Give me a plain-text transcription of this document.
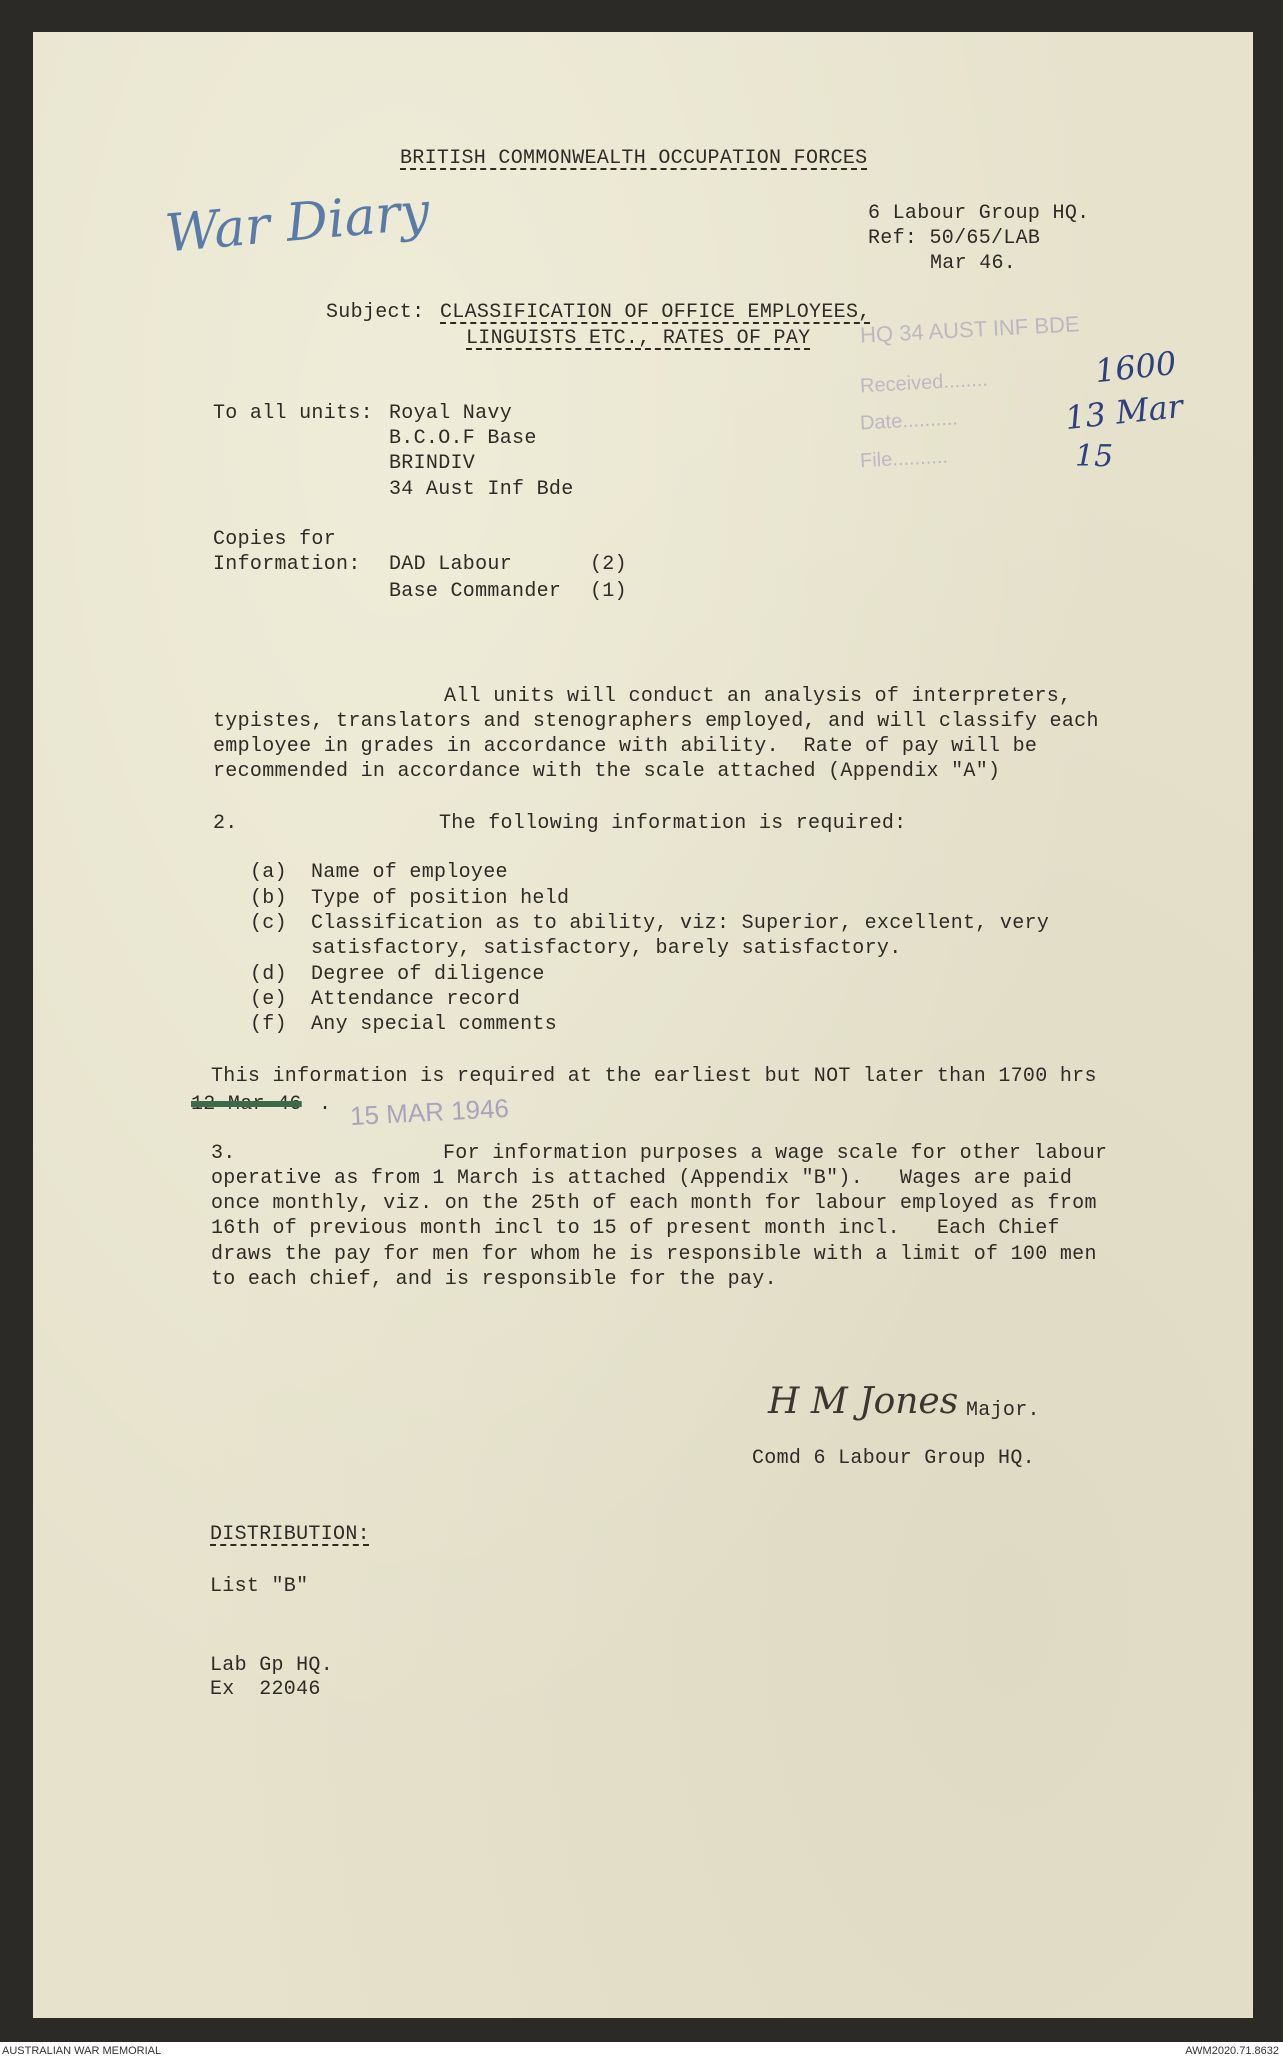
BRITISH COMMONWEALTH OCCUPATION FORCES
War Diary	6 Labour Group HQ.
Ref: 50/65/LAB
Mar 46.
Subject: CLASSIFICATION OF OFFICE EMPLOYEES,
LINGUISTS ETC., RATES OF PAY HQ 34 AUST INF BDE
Received........
Date..........
File..........
1600
13 Mar
15
To all units: Royal Navy
B.C.O.F Base
BRINDIV
34 Aust Inf Bde
Copies for
Information: DAD Labour	(2)
Base Commander (1)
All units will conduct an analysis of interpreters,
typistes, translators and stenographers employed, and will classify each
employee in grades in accordance with ability.  Rate of pay will be
recommended in accordance with the scale attached (Appendix "A")
2.	The following information is required:
(a) Name of employee
(b) Type of position held
(c) Classification as to ability, viz: Superior, excellent, very
satisfactory, satisfactory, barely satisfactory.
(d) Degree of diligence
(e) Attendance record
(f) Any special comments
This information is required at the earliest but NOT later than 1700 hrs
12 Mar 46 . 15 MAR 1946
3.	For information purposes a wage scale for other labour
operative as from 1 March is attached (Appendix "B").   Wages are paid
once monthly, viz. on the 25th of each month for labour employed as from
16th of previous month incl to 15 of present month incl.   Each Chief
draws the pay for men for whom he is responsible with a limit of 100 men
to each chief, and is responsible for the pay.
H M Jones Major.
Comd 6 Labour Group HQ.
DISTRIBUTION:
List "B"
Lab Gp HQ.
Ex  22046
AUSTRALIAN WAR MEMORIAL	AWM2020.71.8632
